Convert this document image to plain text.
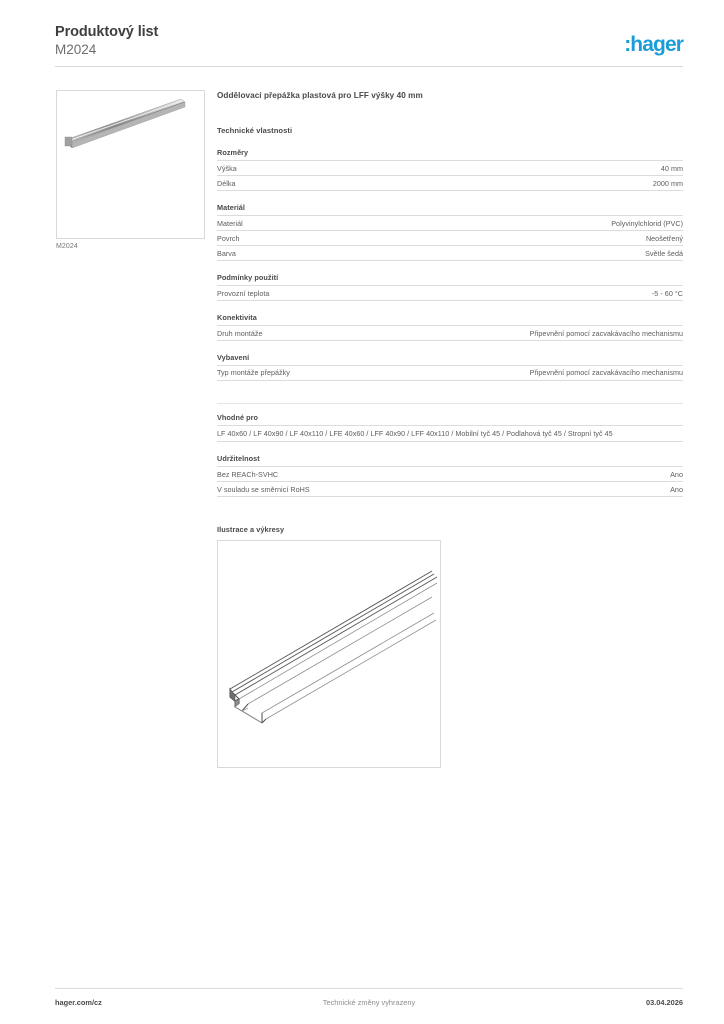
Produktový list
M2024	:hager
M2024
Oddělovací přepážka plastová pro LFF výšky 40 mm
Technické vlastnosti
Rozměry
Výška	40 mm
Délka	2000 mm
Materiál
Materiál	Polyvinylchlorid (PVC)
Povrch	Neošetřený
Barva	Světle šedá
Podmínky použití
Provozní teplota	-5 - 60 °C
Konektivita
Druh montáže	Připevnění pomocí zacvakávacího mechanismu
Vybavení
Typ montáže přepážky	Připevnění pomocí zacvakávacího mechanismu
Vhodné pro
LF 40x60 / LF 40x90 / LF 40x110 / LFE 40x60 / LFF 40x90 / LFF 40x110 / Mobilní tyč 45 / Podlahová tyč 45 / Stropní tyč 45
Udržitelnost
Bez REACh-SVHC	Ano
V souladu se směrnicí RoHS	Ano
Ilustrace a výkresy
Technické změny vyhrazeny
hager.com/cz	03.04.2026
